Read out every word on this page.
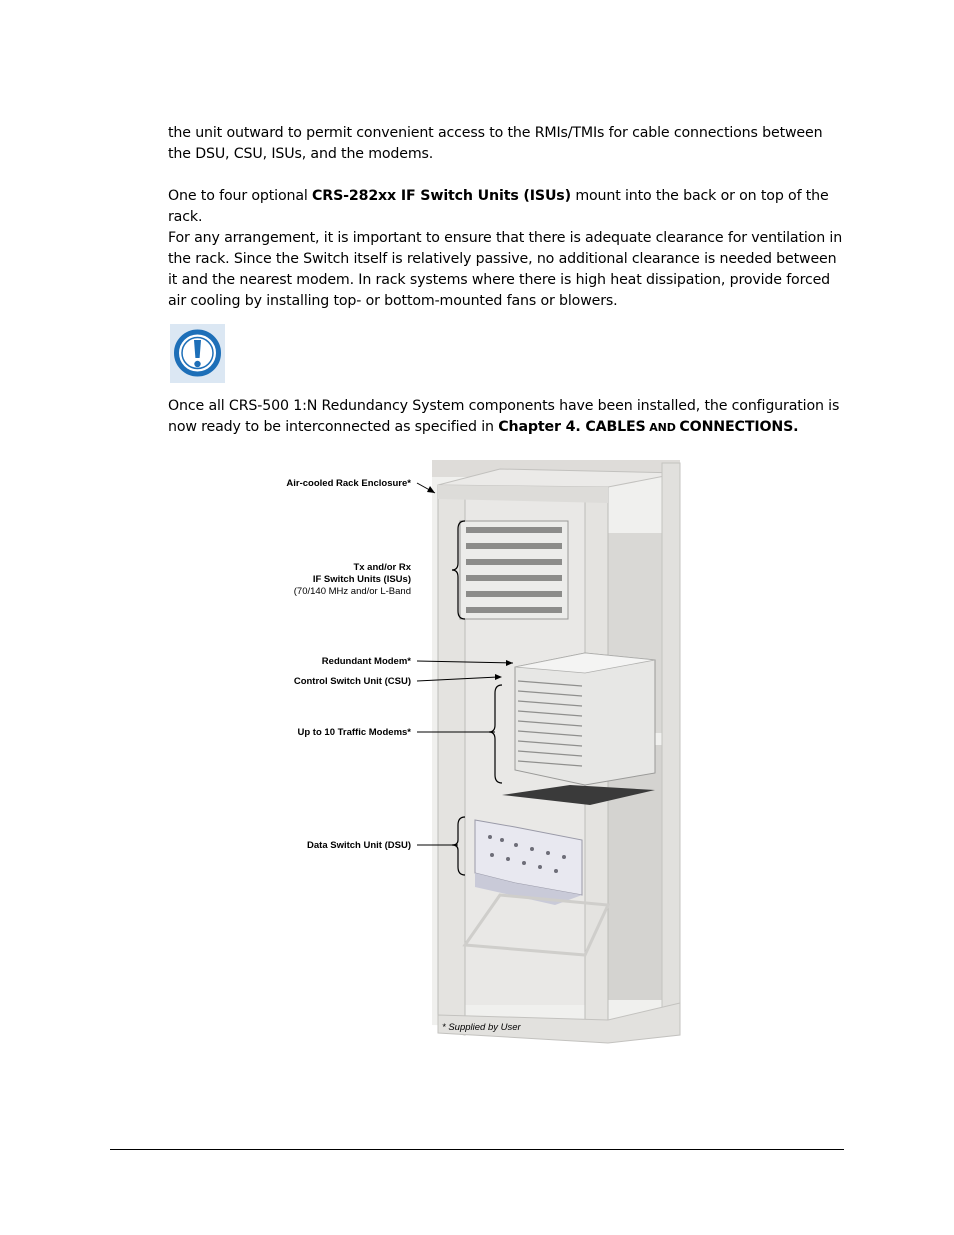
the unit outward to permit convenient access to the RMIs/TMIs for cable connections between the DSU, CSU, ISUs, and the modems.

One to four optional CRS-282xx IF Switch Units (ISUs) mount into the back or on top of the rack.

For any arrangement, it is important to ensure that there is adequate clearance for ventilation in the rack. Since the Switch itself is relatively passive, no additional clearance is needed between it and the nearest modem. In rack systems where there is high heat dissipation, provide forced air cooling by installing top- or bottom-mounted fans or blowers.

Once all CRS-500 1:N Redundancy System components have been installed, the configuration is now ready to be interconnected as specified in Chapter 4. CABLES AND CONNECTIONS.

Air-cooled Rack Enclosure*
Tx and/or Rx
IF Switch Units (ISUs)
(70/140 MHz and/or L-Band
Redundant Modem*
Control Switch Unit (CSU)
Up to 10 Traffic Modems*
Data Switch Unit (DSU)
* Supplied by User
